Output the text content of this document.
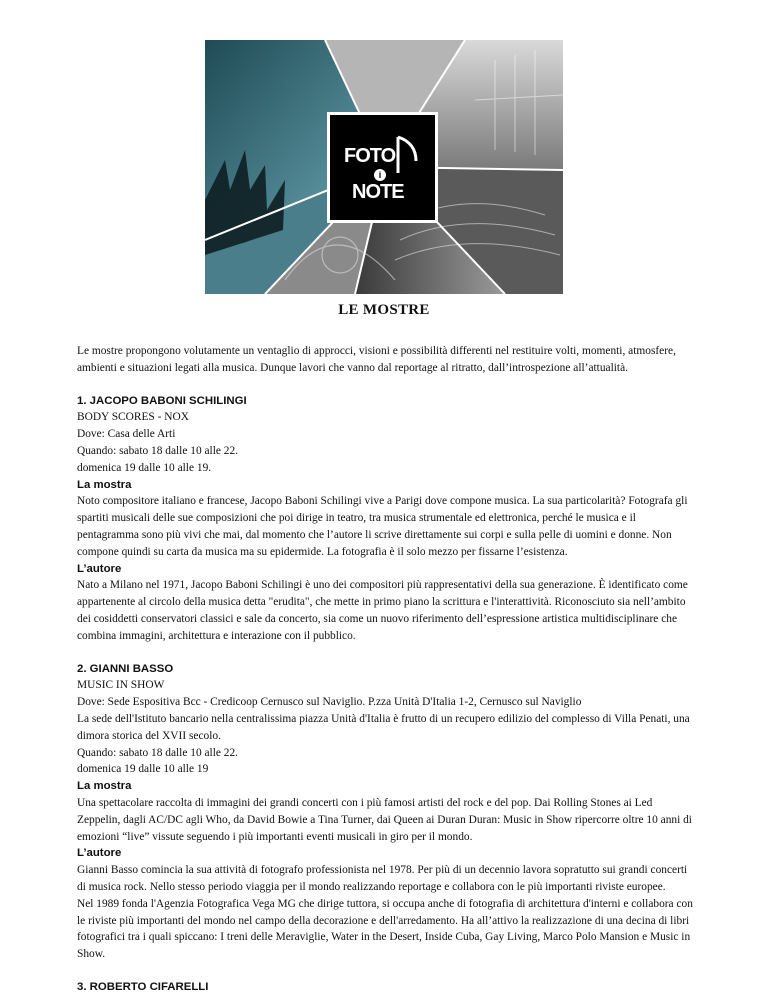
FOTO
i
NOTE
LE MOSTRE

Le mostre propongono volutamente un ventaglio di approcci, visioni e possibilità differenti nel restituire volti, momenti, atmosfere, ambienti e situazioni legati alla musica. Dunque lavori che vanno dal reportage al ritratto, dall’introspezione all’attualità.

1. JACOPO BABONI SCHILINGI

BODY SCORES - NOX

Dove: Casa delle Arti

Quando: sabato 18 dalle 10 alle 22.

domenica 19 dalle 10 alle 19.

La mostra

Noto compositore italiano e francese, Jacopo Baboni Schilingi vive a Parigi dove compone musica. La sua particolarità? Fotografa gli spartiti musicali delle sue composizioni che poi dirige in teatro, tra musica strumentale ed elettronica, perché le musica e il pentagramma sono più vivi che mai, dal momento che l’autore li scrive direttamente sui corpi e sulla pelle di uomini e donne. Non compone quindi su carta da musica ma su epidermide. La fotografia è il solo mezzo per fissarne l’esistenza.

L’autore

Nato a Milano nel 1971, Jacopo Baboni Schilingi è uno dei compositori più rappresentativi della sua generazione. È identificato come appartenente al circolo della musica detta "erudita", che mette in primo piano la scrittura e l'interattività. Riconosciuto sia nell’ambito dei cosiddetti conservatori classici e sale da concerto, sia come un nuovo riferimento dell’espressione artistica multidisciplinare che combina immagini, architettura e interazione con il pubblico.

2. GIANNI BASSO

MUSIC IN SHOW

Dove: Sede Espositiva Bcc - Credicoop Cernusco sul Naviglio. P.zza Unità D'Italia 1-2, Cernusco sul Naviglio

La sede dell'Istituto bancario nella centralissima piazza Unità d'Italia è frutto di un recupero edilizio del complesso di Villa Penati, una dimora storica del XVII secolo.

Quando: sabato 18 dalle 10 alle 22.

domenica 19 dalle 10 alle 19

La mostra

Una spettacolare raccolta di immagini dei grandi concerti con i più famosi artisti del rock e del pop. Dai Rolling Stones ai Led Zeppelin, dagli AC/DC agli Who, da David Bowie a Tina Turner, dai Queen ai Duran Duran: Music in Show ripercorre oltre 10 anni di emozioni “live” vissute seguendo i più importanti eventi musicali in giro per il mondo.

L’autore

Gianni Basso comincia la sua attività di fotografo professionista nel 1978. Per più di un decennio lavora sopratutto sui grandi concerti di musica rock. Nello stesso periodo viaggia per il mondo realizzando reportage e collabora con le più importanti riviste europee.

Nel 1989 fonda l'Agenzia Fotografica Vega MG che dirige tuttora, si occupa anche di fotografia di architettura d'interni e collabora con le riviste più importanti del mondo nel campo della decorazione e dell'arredamento. Ha all’attivo la realizzazione di una decina di libri fotografici tra i quali spiccano: I treni delle Meraviglie, Water in the Desert, Inside Cuba, Gay Living, Marco Polo Mansion e Music in Show.

3. ROBERTO CIFARELLI
